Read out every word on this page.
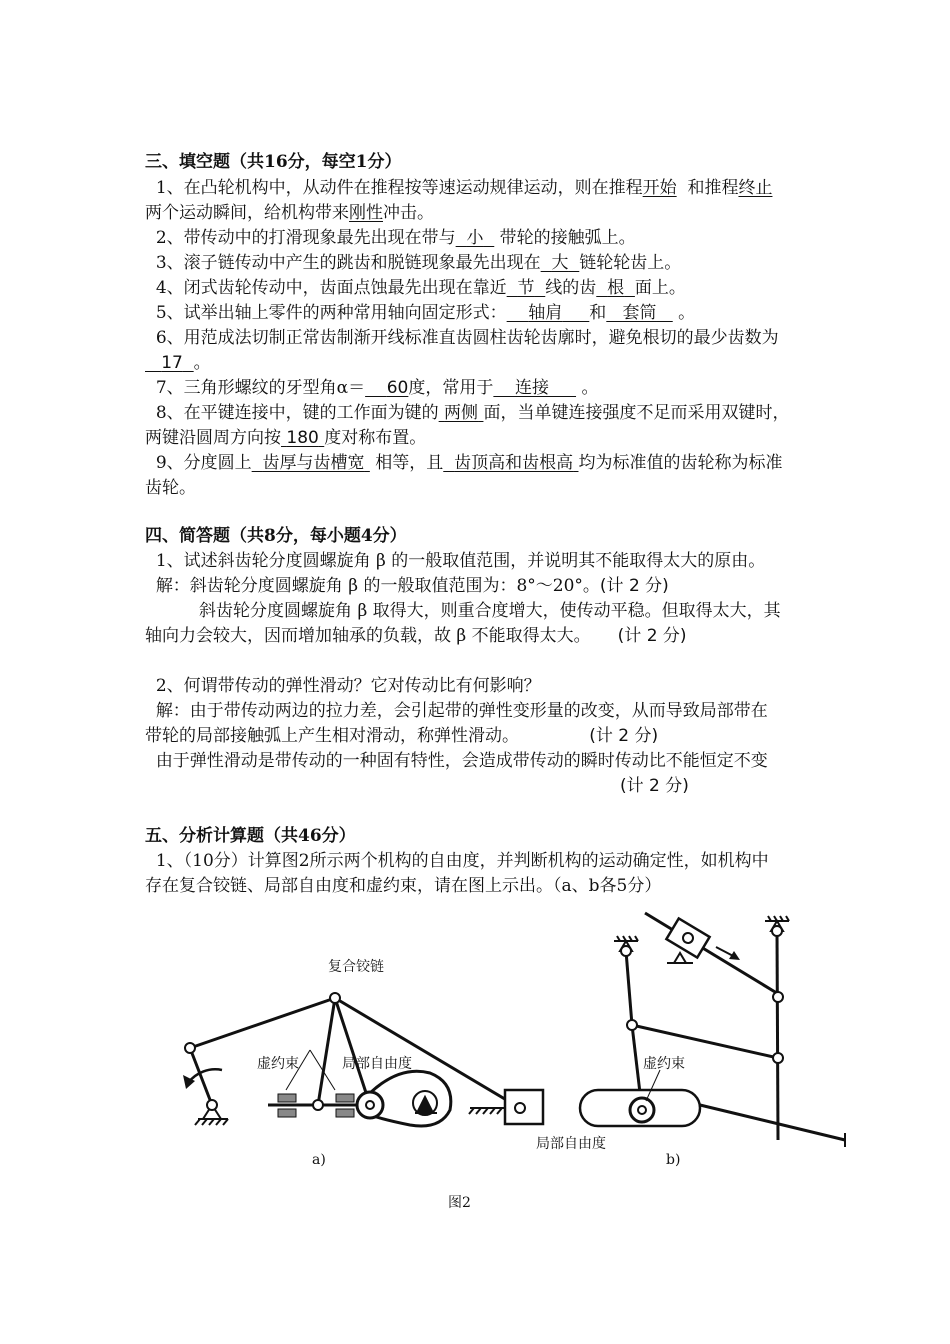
三、填空题（共16分，每空1分）
1、在凸轮机构中，从动件在推程按等速运动规律运动，则在推程开始 和推程终止
两个运动瞬间，给机构带来刚性冲击。
2、带传动中的打滑现象最先出现在带与 小 带轮的接触弧上。
3、滚子链传动中产生的跳齿和脱链现象最先出现在 大 链轮轮齿上。
4、闭式齿轮传动中，齿面点蚀最先出现在靠近 节 线的齿 根 面上。
5、试举出轴上零件的两种常用轴向固定形式： 轴肩 和 套筒 。
6、用范成法切制正常齿制渐开线标准直齿圆柱齿轮齿廓时，避免根切的最少齿数为
17 。
7、三角形螺纹的牙型角α＝ 60度，常用于 连接 。
8、在平键连接中，键的工作面为键的 两侧 面，当单键连接强度不足而采用双键时，
两键沿圆周方向按 180 度对称布置。
9、分度圆上 齿厚与齿槽宽 相等，且 齿顶高和齿根高 均为标准值的齿轮称为标准
齿轮。
四、简答题（共8分，每小题4分）
1、试述斜齿轮分度圆螺旋角 β 的一般取值范围，并说明其不能取得太大的原由。
解：斜齿轮分度圆螺旋角 β 的一般取值范围为：8°～20°。(计 2 分)
斜齿轮分度圆螺旋角 β 取得大，则重合度增大，使传动平稳。但取得太大，其
轴向力会较大，因而增加轴承的负载，故 β 不能取得太大。 (计 2 分)
2、何谓带传动的弹性滑动？它对传动比有何影响？
解：由于带传动两边的拉力差，会引起带的弹性变形量的改变，从而导致局部带在
带轮的局部接触弧上产生相对滑动，称弹性滑动。	(计 2 分)
由于弹性滑动是带传动的一种固有特性，会造成带传动的瞬时传动比不能恒定不变
(计 2 分)
五、分析计算题（共46分）
1、（10分）计算图2所示两个机构的自由度，并判断机构的运动确定性，如机构中
存在复合铰链、局部自由度和虚约束，请在图上示出。（a、b各5分）
复合铰链
虚约束	局部自由度
a)
虚约束
局部自由度
b)
图2
